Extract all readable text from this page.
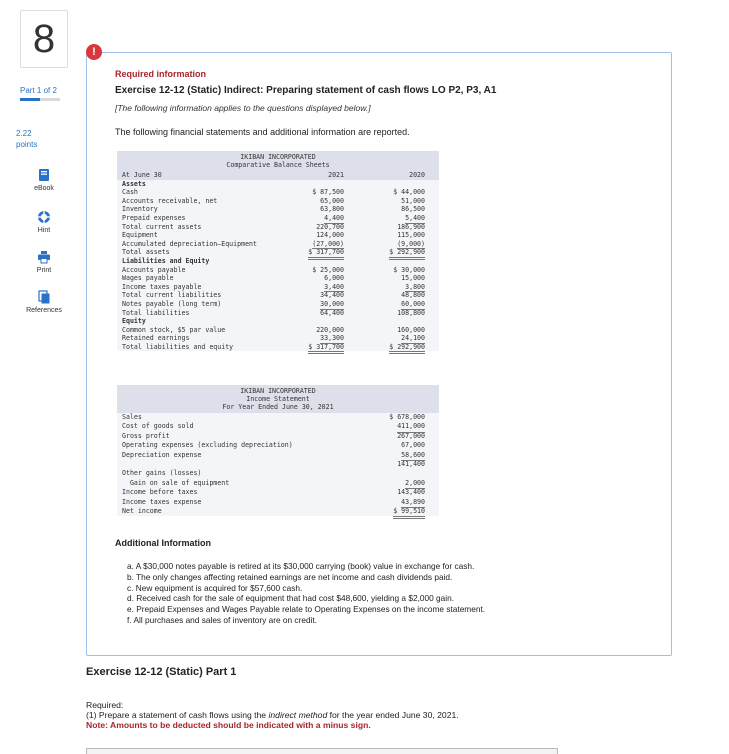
8
Part 1 of 2
2.22
points
eBook
Hint
Print
References
Required information
Exercise 12-12 (Static) Indirect: Preparing statement of cash flows LO P2, P3, A1
[The following information applies to the questions displayed below.]
The following financial statements and additional information are reported.
IKIBAN INCORPORATED
Comparative Balance Sheets
At June 30	2021	2020
Assets
Cash	$ 87,500	$ 44,000
Accounts receivable, net	65,000	51,000
Inventory	63,800	86,500
Prepaid expenses	4,400	5,400
Total current assets	220,700	186,900
Equipment	124,000	115,000
Accumulated depreciation—Equipment	(27,000)	(9,000)
Total assets	$ 317,700	$ 292,900
Liabilities and Equity
Accounts payable	$ 25,000	$ 30,000
Wages payable	6,000	15,000
Income taxes payable	3,400	3,800
Total current liabilities	34,400	48,800
Notes payable (long term)	30,000	60,000
Total liabilities	64,400	108,800
Equity
Common stock, $5 par value	220,000	160,000
Retained earnings	33,300	24,100
Total liabilities and equity	$ 317,700	$ 292,900
IKIBAN INCORPORATED
Income Statement
For Year Ended June 30, 2021
Sales	$ 678,000
Cost of goods sold	411,000
Gross profit	267,000
Operating expenses (excluding depreciation)	67,000
Depreciation expense	58,600
141,400
Other gains (losses)
Gain on sale of equipment	2,000
Income before taxes	143,400
Income taxes expense	43,890
Net income	$ 99,510
Additional Information
a. A $30,000 notes payable is retired at its $30,000 carrying (book) value in exchange for cash.
b. The only changes affecting retained earnings are net income and cash dividends paid.
c. New equipment is acquired for $57,600 cash.
d. Received cash for the sale of equipment that had cost $48,600, yielding a $2,000 gain.
e. Prepaid Expenses and Wages Payable relate to Operating Expenses on the income statement.
f. All purchases and sales of inventory are on credit.
!
Exercise 12-12 (Static) Part 1
Required:
(1) Prepare a statement of cash flows using the indirect method for the year ended June 30, 2021.
Note: Amounts to be deducted should be indicated with a minus sign.
